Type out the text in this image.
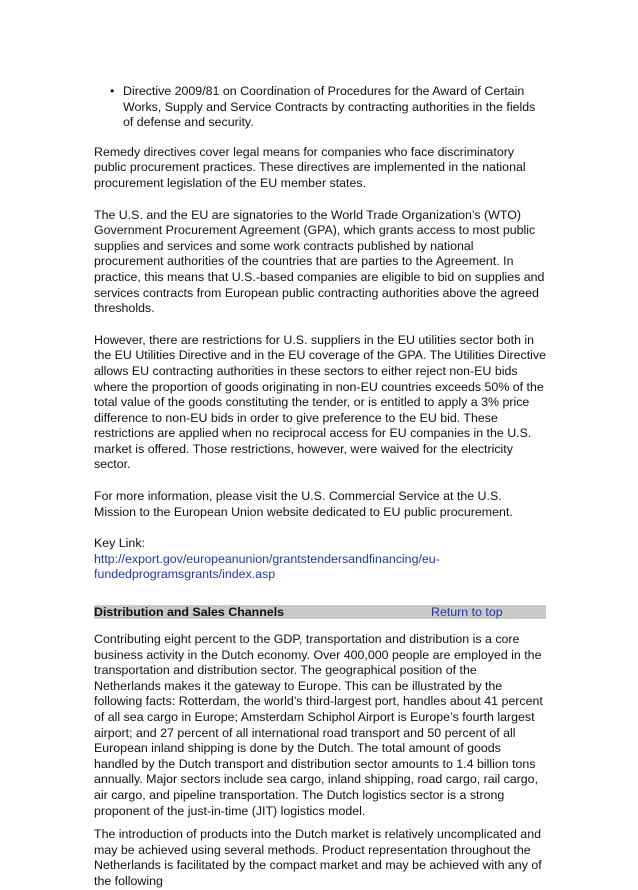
• Directive 2009/81 on Coordination of Procedures for the Award of Certain Works, Supply and Service Contracts by contracting authorities in the fields of defense and security.

Remedy directives cover legal means for companies who face discriminatory public procurement practices. These directives are implemented in the national procurement legislation of the EU member states.

The U.S. and the EU are signatories to the World Trade Organization’s (WTO) Government Procurement Agreement (GPA), which grants access to most public supplies and services and some work contracts published by national procurement authorities of the countries that are parties to the Agreement. In practice, this means that U.S.-based companies are eligible to bid on supplies and services contracts from European public contracting authorities above the agreed thresholds.

However, there are restrictions for U.S. suppliers in the EU utilities sector both in the EU Utilities Directive and in the EU coverage of the GPA. The Utilities Directive allows EU contracting authorities in these sectors to either reject non-EU bids where the proportion of goods originating in non-EU countries exceeds 50% of the total value of the goods constituting the tender, or is entitled to apply a 3% price difference to non-EU bids in order to give preference to the EU bid. These restrictions are applied when no reciprocal access for EU companies in the U.S. market is offered. Those restrictions, however, were waived for the electricity sector.

For more information, please visit the U.S. Commercial Service at the U.S. Mission to the European Union website dedicated to EU public procurement.

Key Link:
http://export.gov/europeanunion/grantstendersandfinancing/eu-fundedprogramsgrants/index.asp
Distribution and Sales Channels	Return to top

Contributing eight percent to the GDP, transportation and distribution is a core business activity in the Dutch economy. Over 400,000 people are employed in the transportation and distribution sector. The geographical position of the Netherlands makes it the gateway to Europe. This can be illustrated by the following facts: Rotterdam, the world’s third-largest port, handles about 41 percent of all sea cargo in Europe; Amsterdam Schiphol Airport is Europe’s fourth largest airport; and 27 percent of all international road transport and 50 percent of all European inland shipping is done by the Dutch. The total amount of goods handled by the Dutch transport and distribution sector amounts to 1.4 billion tons annually. Major sectors include sea cargo, inland shipping, road cargo, rail cargo, air cargo, and pipeline transportation. The Dutch logistics sector is a strong proponent of the just-in-time (JIT) logistics model.

The introduction of products into the Dutch market is relatively uncomplicated and may be achieved using several methods. Product representation throughout the Netherlands is facilitated by the compact market and may be achieved with any of the following
